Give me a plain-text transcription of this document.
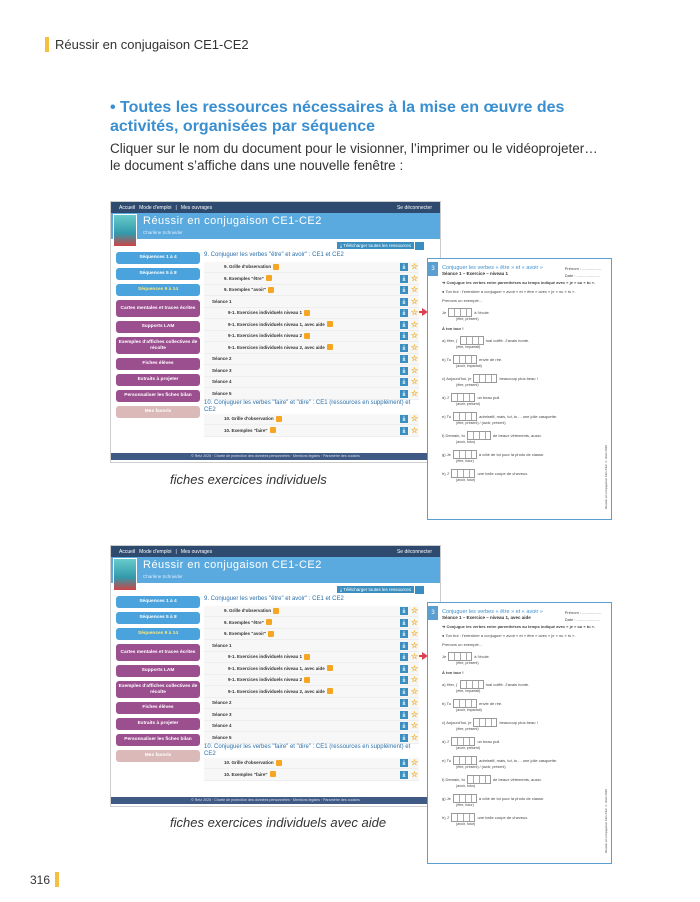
Réussir en conjugaison CE1-CE2
• Toutes les ressources nécessaires à la mise en œuvre des activités, organisées par séquence
Cliquer sur le nom du document pour le visionner, l’imprimer ou le vidéoprojeter…
le document s’affiche dans une nouvelle fenêtre :
316
Accueil Mode d'emploi | Mes ouvrages	Se déconnecter
Réussir en conjugaison CE1-CE2
Charlène Schneider
⤓ Télécharger toutes les ressources
Séquences 1 à 4
Séquences 5 à 8
Séquences 9 à 14
Cartes mentales et traces écrites
Supports LAM
Exemples d'affiches collectives de récolte
Fiches élèves
Extraits à projeter
Personnaliser les fiches bilan
Mes favoris
9. Conjuguer les verbes "être" et avoir" : CE1 et CE2
9. Grille d'observation	⤓ ☆
9. Exemples "être"	⤓ ☆
9. Exemples "avoir"	⤓ ☆
Séance 1	⤓ ☆
9-1. Exercices individuels niveau 1	⤓ ☆
9-1. Exercices individuels niveau 1, avec aide	⤓ ☆
9-1. Exercices individuels niveau 2	⤓ ☆
9-1. Exercices individuels niveau 2, avec aide	⤓ ☆
Séance 2	⤓ ☆
Séance 3	⤓ ☆
Séance 4	⤓ ☆
Séance 5	⤓ ☆
10. Conjuguer les verbes "faire" et "dire" : CE1 (ressources en supplément) et CE2
10. Grille d'observation	⤓ ☆
10. Exemples "faire"	⤓ ☆
© Retz 2025 · Charte de protection des données personnelles · Mentions légales · Paramètre des cookies
3	Conjuguer les verbes « être » et « avoir »
Séance 1 – Exercice – niveau 1
Prénom : .................
Date : .....................

➜ Conjugue les verbes entre parenthèses au temps indiqué avec « je » ou « tu ».

● Ton but : t'entraîner à conjuguer « avoir » et « être » avec « je » ou « tu ».

Prenons un exemple…

Je	à l'école.
(être, présent)

À ton tour !

a) Hier, j'	mal coiffé. J'avais honte.
(être, imparfait)
b) Tu	envie de rire.
(avoir, imparfait)
c) Aujourd'hui, je	beaucoup plus beau !
(être, présent)
d) J'	un beau pull.
(avoir, présent)
e) Tu	admiratif, mais, toi, tu ... une jolie casquette.
(être, présent) / (avoir, présent)
f) Demain, tu	de beaux vêtements, aussi.
(avoir, futur)
g) Je	à côté de toi pour la photo de classe.
(être, futur)
h) J'	une belle coupe de cheveux.
(avoir, futur)	Réussir en conjugaison CE1-CE2 © Retz 2025
fiches exercices individuels
Accueil Mode d'emploi | Mes ouvrages	Se déconnecter
Réussir en conjugaison CE1-CE2
Charlène Schneider
⤓ Télécharger toutes les ressources
Séquences 1 à 4
Séquences 5 à 8
Séquences 9 à 14
Cartes mentales et traces écrites
Supports LAM
Exemples d'affiches collectives de récolte
Fiches élèves
Extraits à projeter
Personnaliser les fiches bilan
Mes favoris
9. Conjuguer les verbes "être" et avoir" : CE1 et CE2
9. Grille d'observation	⤓ ☆
9. Exemples "être"	⤓ ☆
9. Exemples "avoir"	⤓ ☆
Séance 1	⤓ ☆
9-1. Exercices individuels niveau 1	⤓ ☆
9-1. Exercices individuels niveau 1, avec aide	⤓ ☆
9-1. Exercices individuels niveau 2	⤓ ☆
9-1. Exercices individuels niveau 2, avec aide	⤓ ☆
Séance 2	⤓ ☆
Séance 3	⤓ ☆
Séance 4	⤓ ☆
Séance 5	⤓ ☆
10. Conjuguer les verbes "faire" et "dire" : CE1 (ressources en supplément) et CE2
10. Grille d'observation	⤓ ☆
10. Exemples "faire"	⤓ ☆
© Retz 2025 · Charte de protection des données personnelles · Mentions légales · Paramètre des cookies
3	Conjuguer les verbes « être » et « avoir »
Séance 1 – Exercice – niveau 1, avec aide
Prénom : .................
Date : .....................

➜ Conjugue les verbes entre parenthèses au temps indiqué avec « je » ou « tu ».

● Ton but : t'entraîner à conjuguer « avoir » et « être » avec « je » ou « tu ».

Prenons un exemple…

Je	à l'école.
(être, présent)

À ton tour !

a) Hier, j'	mal coiffé. J'avais honte.
(être, imparfait)
b) Tu	envie de rire.
(avoir, imparfait)
c) Aujourd'hui, je	beaucoup plus beau !
(être, présent)
d) J'	un beau pull.
(avoir, présent)
e) Tu	admiratif, mais, toi, tu ... une jolie casquette.
(être, présent) / (avoir, présent)
f) Demain, tu	de beaux vêtements, aussi.
(avoir, futur)
g) Je	à côté de toi pour la photo de classe.
(être, futur)
h) J'	une belle coupe de cheveux.
(avoir, futur)	Réussir en conjugaison CE1-CE2 © Retz 2025
fiches exercices individuels avec aide
